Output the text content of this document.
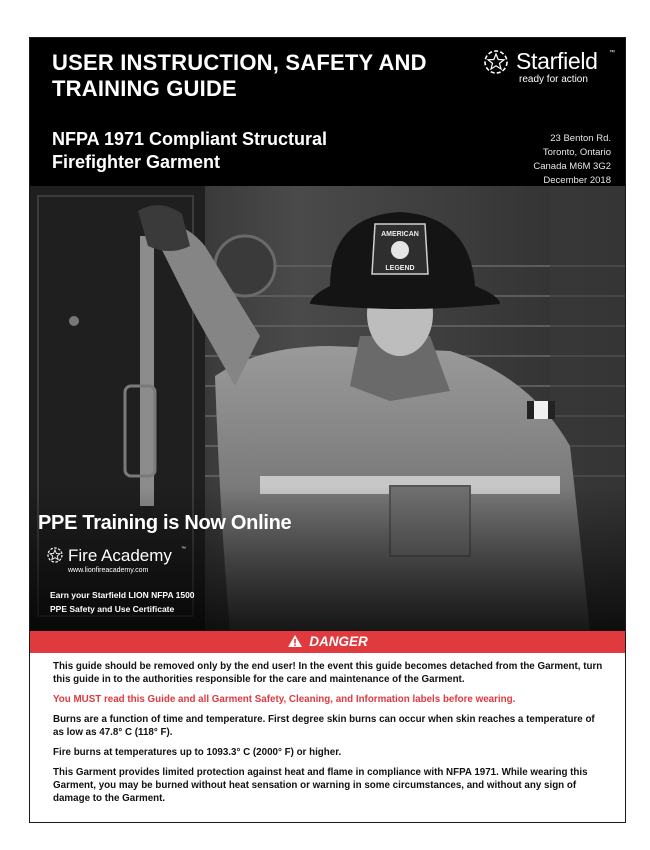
USER INSTRUCTION, SAFETY AND TRAINING GUIDE
NFPA 1971 Compliant Structural Firefighter Garment
Starfield ™
ready for action
23 Benton Rd.
Toronto, Ontario
Canada M6M 3G2
December 2018
AMERICAN
LEGEND
PPE Training is Now Online
Fire Academy ™
www.lionfireacademy.com
Earn your Starfield LION NFPA 1500
PPE Safety and Use Certificate
DANGER

This guide should be removed only by the end user! In the event this guide becomes detached from the Garment, turn this guide in to the authorities responsible for the care and maintenance of the Garment.

You MUST read this Guide and all Garment Safety, Cleaning, and Information labels before wearing.

Burns are a function of time and temperature. First degree skin burns can occur when skin reaches a temperature of as low as 47.8° C (118° F).

Fire burns at temperatures up to 1093.3° C (2000° F) or higher.

This Garment provides limited protection against heat and flame in compliance with NFPA 1971. While wearing this Garment, you may be burned without heat sensation or warning in some circumstances, and without any sign of damage to the Garment.
